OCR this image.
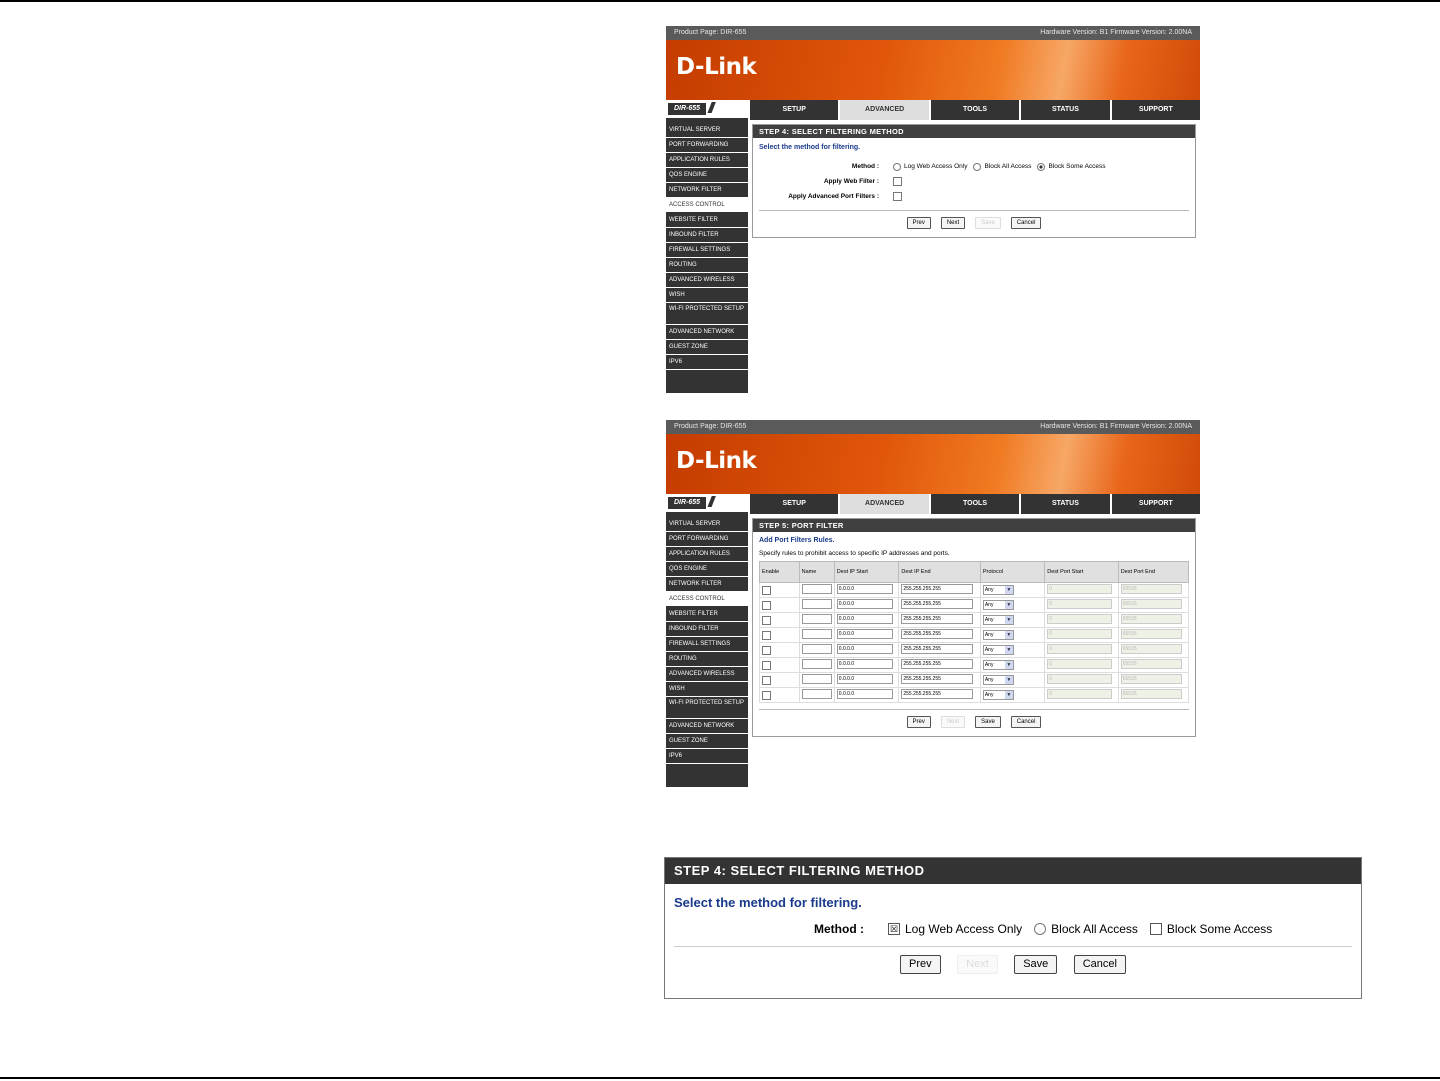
Product Page: DIR-655	Hardware Version: B1 Firmware Version: 2.00NA
D-Link
DIR-655 ///	SETUP	ADVANCED	TOOLS	STATUS	SUPPORT
VIRTUAL SERVER
PORT FORWARDING
APPLICATION RULES
QOS ENGINE
NETWORK FILTER
ACCESS CONTROL
WEBSITE FILTER
INBOUND FILTER
FIREWALL SETTINGS
ROUTING
ADVANCED WIRELESS
WISH
WI-FI PROTECTED SETUP
ADVANCED NETWORK
GUEST ZONE
IPV6
STEP 4: SELECT FILTERING METHOD
Select the method for filtering.
Method :	Log Web Access Only	Block All Access	Block Some Access
Apply Web Filter :
Apply Advanced Port Filters :
Prev	Next	Save	Cancel
Product Page: DIR-655	Hardware Version: B1 Firmware Version: 2.00NA
D-Link
DIR-655 ///	SETUP	ADVANCED	TOOLS	STATUS	SUPPORT
VIRTUAL SERVER
PORT FORWARDING
APPLICATION RULES
QOS ENGINE
NETWORK FILTER
ACCESS CONTROL
WEBSITE FILTER
INBOUND FILTER
FIREWALL SETTINGS
ROUTING
ADVANCED WIRELESS
WISH
WI-FI PROTECTED SETUP
ADVANCED NETWORK
GUEST ZONE
IPV6
STEP 5: PORT FILTER
Add Port Filters Rules.
Specify rules to prohibit access to specific IP addresses and ports.
Enable	Name	Dest IP Start	Dest IP End	Protocol	Dest Port Start	Dest Port End
		0.0.0.0	255.255.255.255	Any ▼	0	65535
		0.0.0.0	255.255.255.255	Any ▼	0	65535
		0.0.0.0	255.255.255.255	Any ▼	0	65535
		0.0.0.0	255.255.255.255	Any ▼	0	65535
		0.0.0.0	255.255.255.255	Any ▼	0	65535
		0.0.0.0	255.255.255.255	Any ▼	0	65535
		0.0.0.0	255.255.255.255	Any ▼	0	65535
		0.0.0.0	255.255.255.255	Any ▼	0	65535
Prev	Next	Save	Cancel
STEP 4: SELECT FILTERING METHOD
Select the method for filtering.
Method :	☒ Log Web Access Only Block All Access Block Some Access
Prev	Next	Save	Cancel
